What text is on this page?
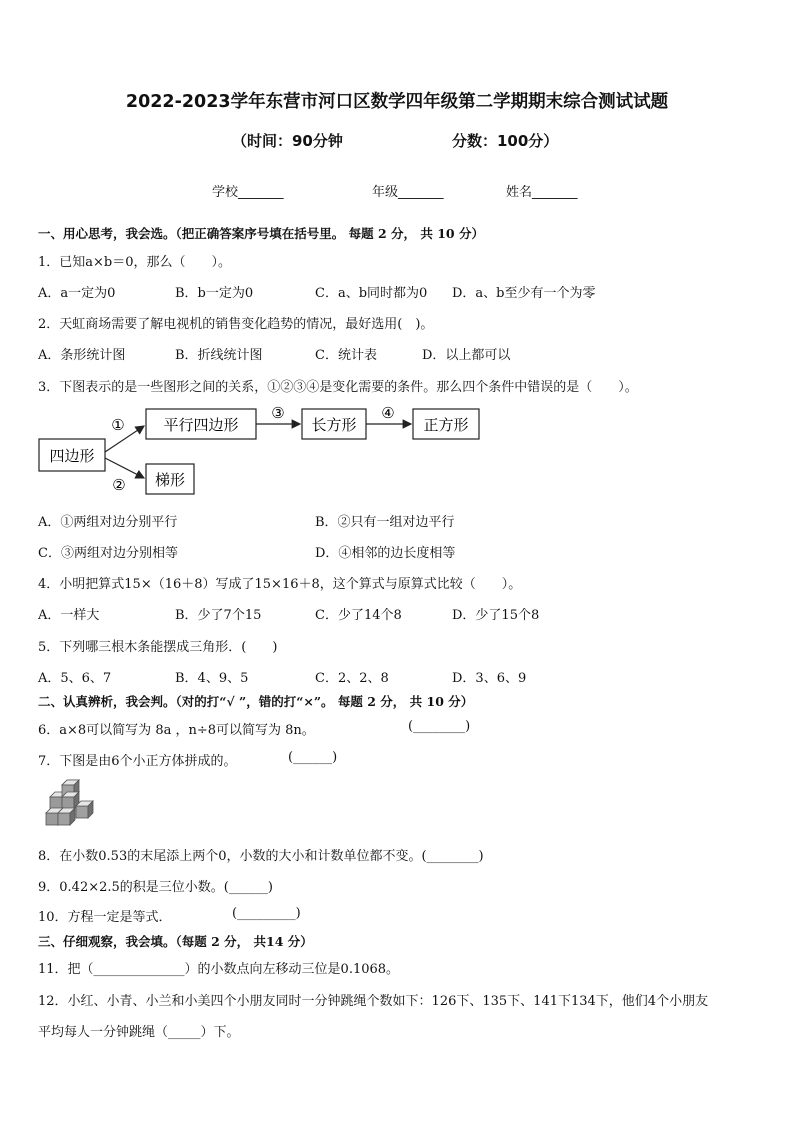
2022-2023学年东营市河口区数学四年级第二学期期末综合测试试题
（时间：90分钟	分数：100分）
学校_______	年级_______	姓名_______
一、用心思考，我会选。（把正确答案序号填在括号里。 每题 2 分， 共 10 分）
1．已知a×b＝0，那么（　　）。
A．a一定为0	B．b一定为0	C．a、b同时都为0 D．a、b至少有一个为零
2．天虹商场需要了解电视机的销售变化趋势的情况，最好选用(　)。
A．条形统计图	B．折线统计图	C．统计表	D．以上都可以
3．下图表示的是一些图形之间的关系，①②③④是变化需要的条件。那么四个条件中错误的是（　　）。
四边形
平行四边形	长方形	正方形
梯形
①
②
③	④
A．①两组对边分别平行	B．②只有一组对边平行
C．③两组对边分别相等	D．④相邻的边长度相等
4．小明把算式15×（16＋8）写成了15×16＋8，这个算式与原算式比较（　　）。
A．一样大	B．少了7个15	C．少了14个8	D．少了15个8
5．下列哪三根木条能摆成三角形．(　　)
A．5、6、7	B．4、9、5	C．2、2、8	D．3、6、9
二、认真辨析，我会判。（对的打“√ ”，错的打“×”。 每题 2 分， 共 10 分）
6．a×8可以简写为 8a ，n÷8可以简写为 8n。	(________)
7．下图是由6个小正方体拼成的。	(______)
8．在小数0.53的末尾添上两个0，小数的大小和计数单位都不变。(________)
9．0.42×2.5的积是三位小数。(______)
10．方程一定是等式．	(_________)
三、仔细观察，我会填。（每题 2 分， 共14 分）
11．把（______________）的小数点向左移动三位是0.1068。
12．小红、小青、小兰和小美四个小朋友同时一分钟跳绳个数如下：126下、135下、141下134下，他们4个小朋友
平均每人一分钟跳绳（_____）下。
